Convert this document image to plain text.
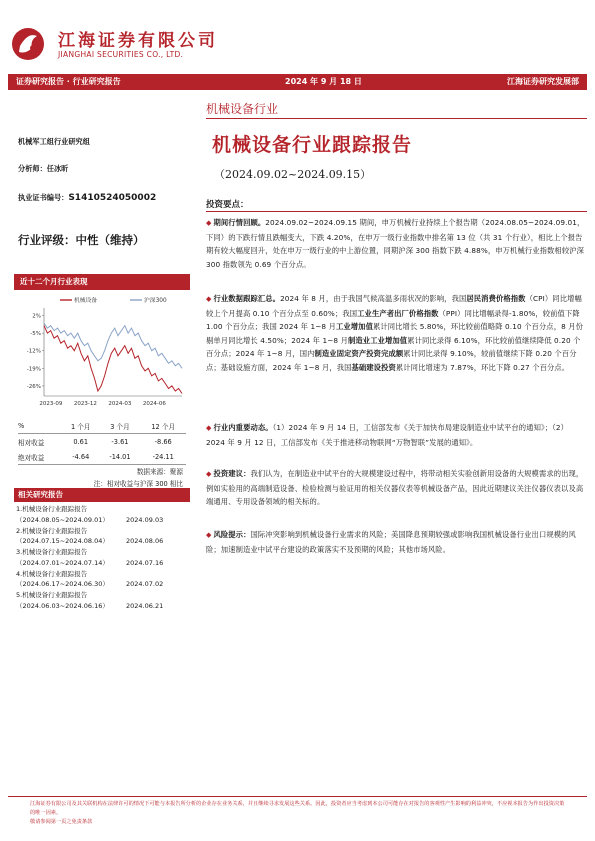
江海证券有限公司
JIANGHAI SECURITIES CO., LTD.
证券研究报告 · 行业研究报告	2024 年 9 月 18 日	江海证券研究发展部
机械设备行业
机械设备行业跟踪报告
（2024.09.02~2024.09.15）
机械军工组行业研究组
分析师：任冰昕
执业证书编号：S1410524050002
行业评级：中性（维持）
近十二个月行业表现
2%
-5%
-12%
-19%
-26%
2023-09 2023-12 2024-03 2024-06
机械设备	沪深300
%	1 个月	3 个月	12 个月
相对收益	0.61	-3.61	-8.66
绝对收益	-4.64	-14.01	-24.11
数据来源：聚源
注：相对收益与沪深 300 相比
相关研究报告
1.机械设备行业跟踪报告
（2024.08.05~2024.09.01）	2024.09.03
2.机械设备行业跟踪报告
（2024.07.15~2024.08.04）	2024.08.06
3.机械设备行业跟踪报告
（2024.07.01~2024.07.14）	2024.07.16
4.机械设备行业跟踪报告
（2024.06.17~2024.06.30）	2024.07.02
5.机械设备行业跟踪报告
（2024.06.03~2024.06.16）	2024.06.21
投资要点：
◆ 期间行情回顾。2024.09.02~2024.09.15 期间，申万机械行业持续上个报告期（2024.08.05~2024.09.01，下同）的下跌行情且跌幅变大，下跌 4.20%，在申万一级行业指数中排名第 13 位（共 31 个行业），相比上个报告期有较大幅度回升，处在申万一级行业的中上游位置，同期沪深 300 指数下跌 4.88%，申万机械行业指数相较沪深 300 指数领先 0.69 个百分点。
◆ 行业数据跟踪汇总。2024 年 8 月，由于我国气候高温多雨状况的影响，我国居民消费价格指数（CPI）同比增幅较上个月提高 0.10 个百分点至 0.60%；我国工业生产者出厂价格指数（PPI）同比增幅录得-1.80%，较前值下降 1.00 个百分点；我国 2024 年 1~8 月工业增加值累计同比增长 5.80%，环比较前值略降 0.10 个百分点，8 月份剔单月同比增长 4.50%；2024 年 1~8 月制造业工业增加值累计同比录得 6.10%，环比较前值继续降低 0.20 个百分点；2024 年 1~8 月，国内制造业固定资产投资完成额累计同比录得 9.10%，较前值继续下降 0.20 个百分点；基础设施方面，2024 年 1~8 月，我国基础建设投资累计同比增速为 7.87%，环比下降 0.27 个百分点。
◆ 行业内重要动态。（1）2024 年 9 月 14 日，工信部发布《关于加快布局建设制造业中试平台的通知》；（2）2024 年 9 月 12 日，工信部发布《关于推进移动物联网“万物智联”发展的通知》。
◆ 投资建议：我们认为，在制造业中试平台的大规模建设过程中，将带动相关实验创新用设备的大规模需求的出现，例如实验用的高端制造设备、检验检测与验证用的相关仪器仪表等机械设备产品，因此近期建议关注仪器仪表以及高端通用、专用设备领域的相关标的。
◆ 风险提示：国际冲突影响到机械设备行业需求的风险；美国降息预期较强或影响我国机械设备行业出口规模的风险；加速制造业中试平台建设的政策落实不及预期的风险；其他市场风险。
江海证券有限公司及其关联机构在法律许可的情况下可能与本报告所分析的企业存在业务关系，并且继续寻求发展这些关系。因此，投资者应当考虑到本公司可能存在对报告的客观性产生影响的利益冲突，不应视本报告为作出投资决策的唯一因素。
敬请参阅第一页之免责条款
